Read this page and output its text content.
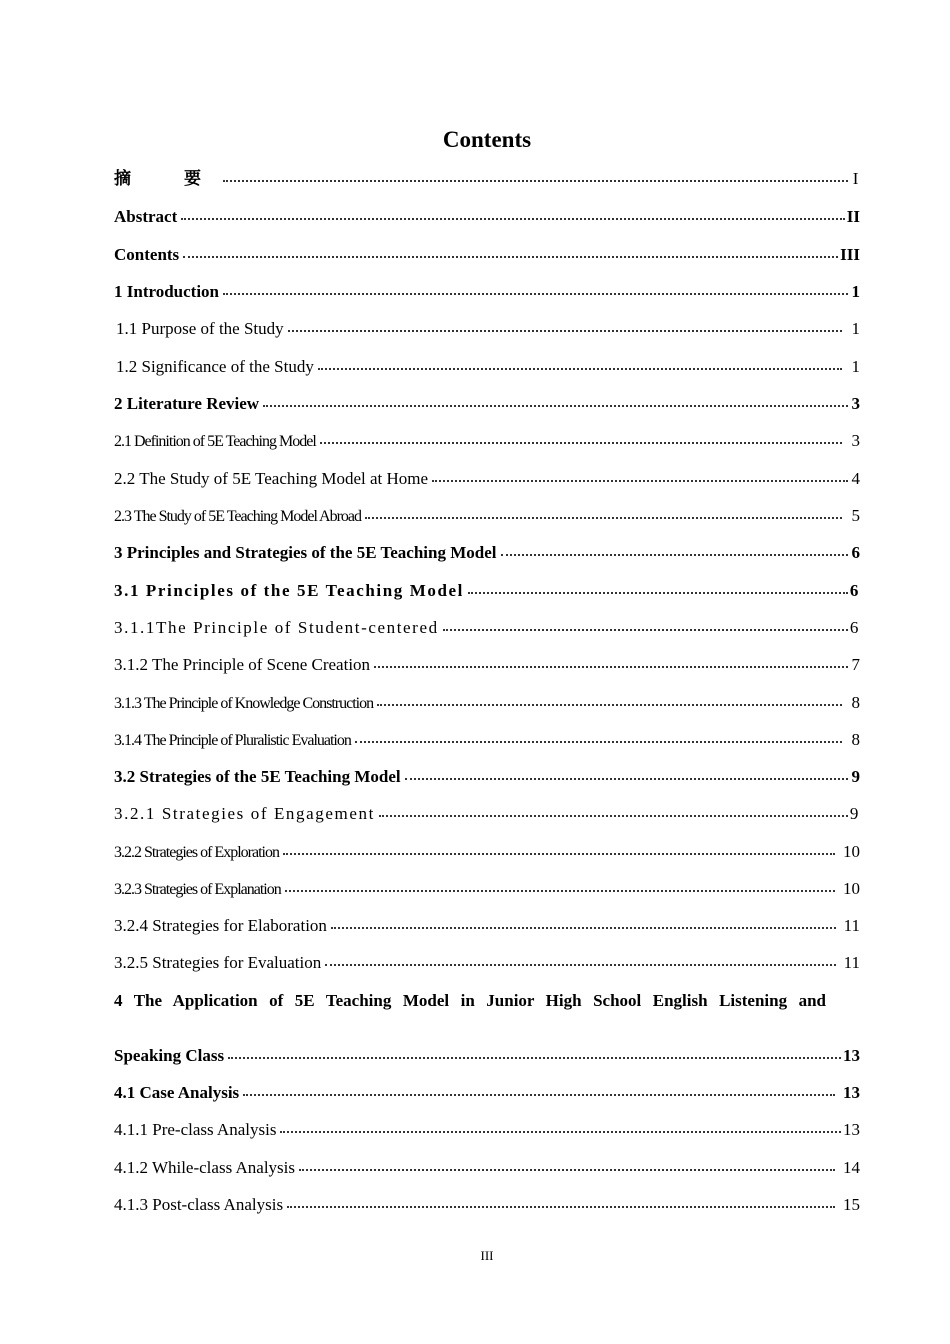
Contents
摘　要	I
Abstract	II
Contents	III
1 Introduction	1
1.1 Purpose of the Study	1
1.2 Significance of the Study	1
2 Literature Review	3
2.1 Definition of 5E Teaching Model	3
2.2 The Study of 5E Teaching Model at Home	4
2.3 The Study of 5E Teaching Model Abroad	5
3 Principles and Strategies of the 5E Teaching Model	6
3.1 Principles of the 5E Teaching Model	6
3.1.1The Principle of Student-centered	6
3.1.2 The Principle of Scene Creation	7
3.1.3 The Principle of Knowledge Construction	8
3.1.4 The Principle of Pluralistic Evaluation	8
3.2 Strategies of the 5E Teaching Model	9
3.2.1 Strategies of Engagement	9
3.2.2 Strategies of Exploration	10
3.2.3 Strategies of Explanation	10
3.2.4 Strategies for Elaboration	11
3.2.5 Strategies for Evaluation	11
4 The Application of 5E Teaching Model in Junior High School English Listening and
Speaking Class	13
4.1 Case Analysis	13
4.1.1 Pre-class Analysis	13
4.1.2 While-class Analysis	14
4.1.3 Post-class Analysis	15
III
